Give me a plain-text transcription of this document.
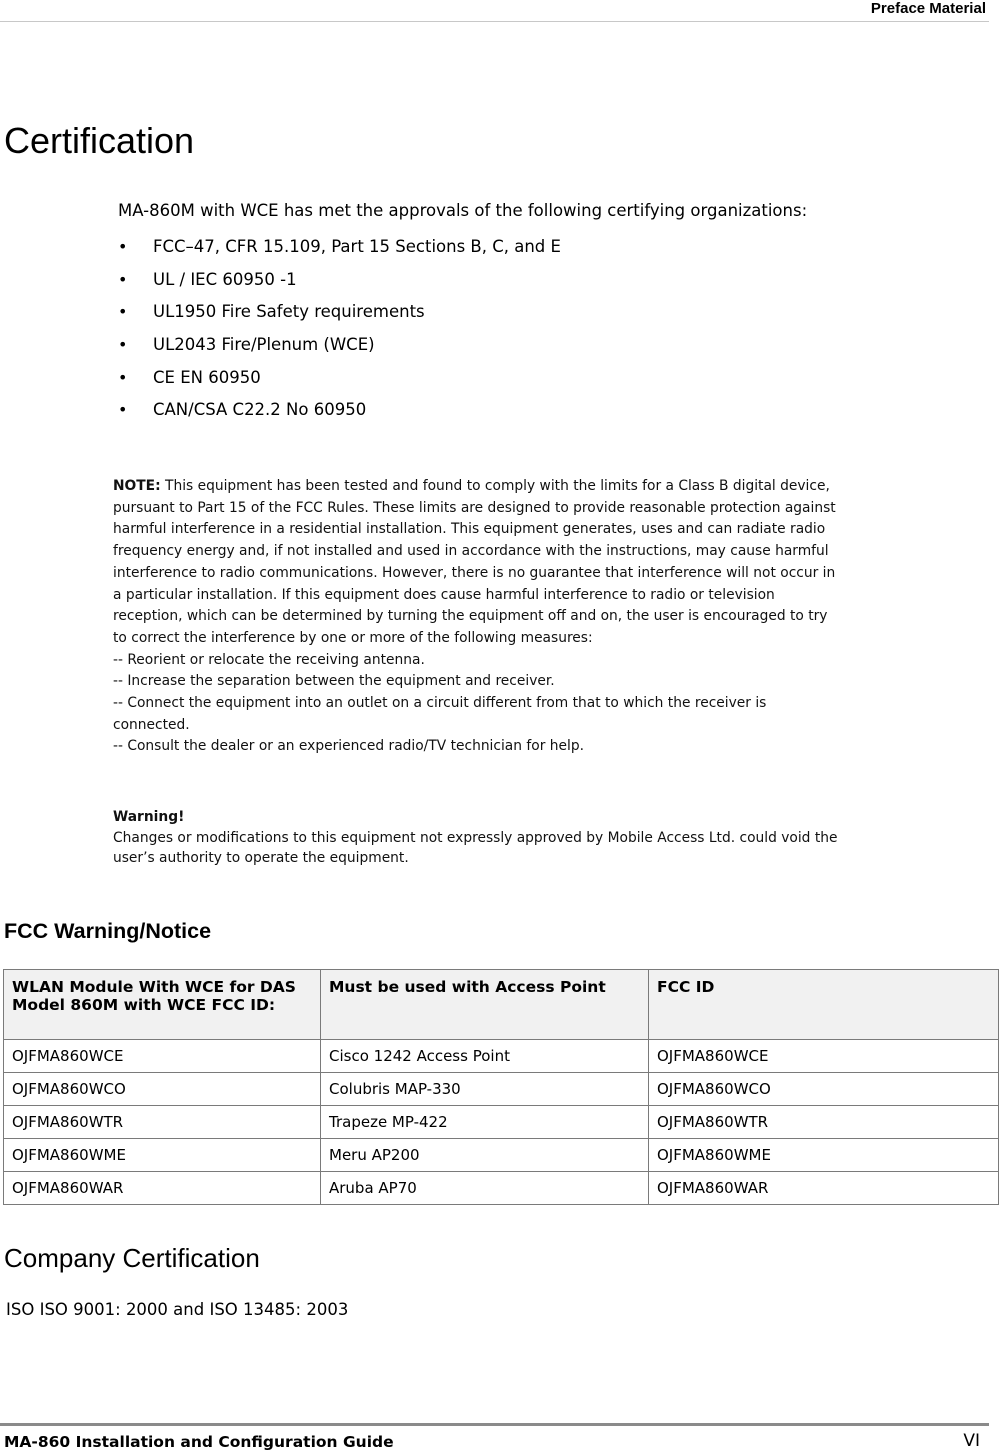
Preface Material
Certification

MA-860M with WCE has met the approvals of the following certifying organizations:

• FCC–47, CFR 15.109, Part 15 Sections B, C, and E
• UL / IEC 60950 -1
• UL1950 Fire Safety requirements
• UL2043 Fire/Plenum (WCE)
• CE EN 60950
• CAN/CSA C22.2 No 60950

NOTE: This equipment has been tested and found to comply with the limits for a Class B digital device,

pursuant to Part 15 of the FCC Rules. These limits are designed to provide reasonable protection against

harmful interference in a residential installation. This equipment generates, uses and can radiate radio

frequency energy and, if not installed and used in accordance with the instructions, may cause harmful

interference to radio communications. However, there is no guarantee that interference will not occur in

a particular installation. If this equipment does cause harmful interference to radio or television

reception, which can be determined by turning the equipment off and on, the user is encouraged to try

to correct the interference by one or more of the following measures:

-- Reorient or relocate the receiving antenna.

-- Increase the separation between the equipment and receiver.

-- Connect the equipment into an outlet on a circuit different from that to which the receiver is

connected.

-- Consult the dealer or an experienced radio/TV technician for help.

Warning!

Changes or modifications to this equipment not expressly approved by Mobile Access Ltd. could void the

user’s authority to operate the equipment.

FCC Warning/Notice
WLAN Module With WCE for DAS Model 860M with WCE FCC ID:	Must be used with Access Point	FCC ID
OJFMA860WCE	Cisco 1242 Access Point	OJFMA860WCE
OJFMA860WCO	Colubris MAP-330	OJFMA860WCO
OJFMA860WTR	Trapeze MP-422	OJFMA860WTR
OJFMA860WME	Meru AP200	OJFMA860WME
OJFMA860WAR	Aruba AP70	OJFMA860WAR
Company Certification

ISO ISO 9001: 2000 and ISO 13485: 2003

MA-860 Installation and Configuration Guide	VI
